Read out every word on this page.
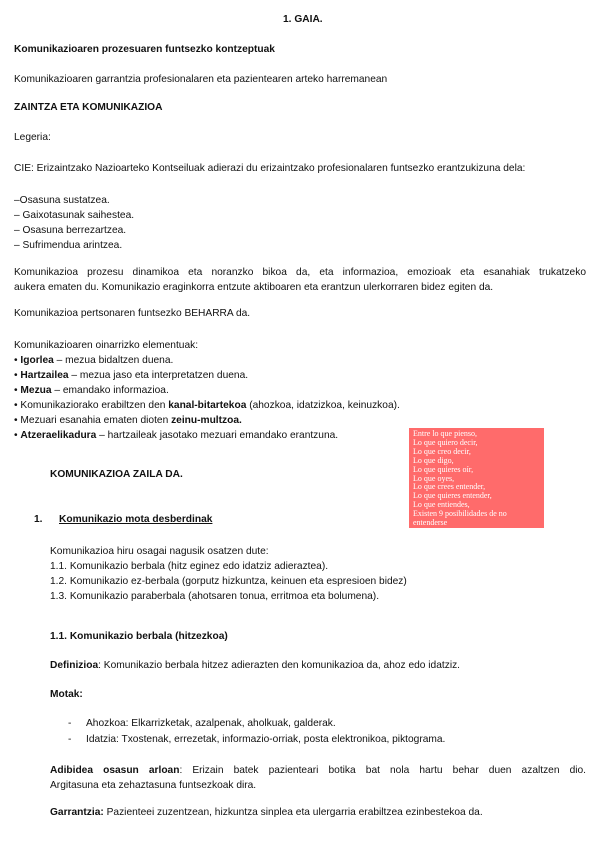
1. GAIA.
Komunikazioaren prozesuaren funtsezko kontzeptuak
Komunikazioaren garrantzia profesionalaren eta pazientearen arteko harremanean
ZAINTZA ETA KOMUNIKAZIOA
Legeria:
CIE: Erizaintzako Nazioarteko Kontseiluak adierazi du erizaintzako profesionalaren funtsezko erantzukizuna dela:
–Osasuna sustatzea.
– Gaixotasunak saihestea.
– Osasuna berrezartzea.
– Sufrimendua arintzea.
Komunikazioa prozesu dinamikoa eta noranzko bikoa da, eta informazioa, emozioak eta esanahiak trukatzeko
aukera ematen du. Komunikazio eraginkorra entzute aktiboaren eta erantzun ulerkorraren bidez egiten da.
Komunikazioa pertsonaren funtsezko BEHARRA da.
Komunikazioaren oinarrizko elementuak:
• Igorlea – mezua bidaltzen duena.
• Hartzailea – mezua jaso eta interpretatzen duena.
• Mezua – emandako informazioa.
• Komunikaziorako erabiltzen den kanal-bitartekoa (ahozkoa, idatzizkoa, keinuzkoa).
• Mezuari esanahia ematen dioten zeinu-multzoa.
• Atzeraelikadura – hartzaileak jasotako mezuari emandako erantzuna.	Entre lo que pienso,
Lo que quiero decir,
Lo que creo decir,
Lo que digo,
Lo que quieres oír,
Lo que oyes,
Lo que crees entender,
Lo que quieres entender,
Lo que entiendes,
Existen 9 posibilidades de no
entenderse
KOMUNIKAZIOA ZAILA DA.
1. Komunikazio mota desberdinak
Komunikazioa hiru osagai nagusik osatzen dute:
1.1. Komunikazio berbala (hitz eginez edo idatziz adieraztea).
1.2. Komunikazio ez-berbala (gorputz hizkuntza, keinuen eta espresioen bidez)
1.3. Komunikazio paraberbala (ahotsaren tonua, erritmoa eta bolumena).
1.1. Komunikazio berbala (hitzezkoa)
Definizioa: Komunikazio berbala hitzez adierazten den komunikazioa da, ahoz edo idatziz.
Motak:
- Ahozkoa: Elkarrizketak, azalpenak, aholkuak, galderak.
- Idatzia: Txostenak, errezetak, informazio-orriak, posta elektronikoa, piktograma.
Adibidea osasun arloan: Erizain batek pazienteari botika bat nola hartu behar duen azaltzen dio.
Argitasuna eta zehaztasuna funtsezkoak dira.
Garrantzia: Pazienteei zuzentzean, hizkuntza sinplea eta ulergarria erabiltzea ezinbestekoa da.
